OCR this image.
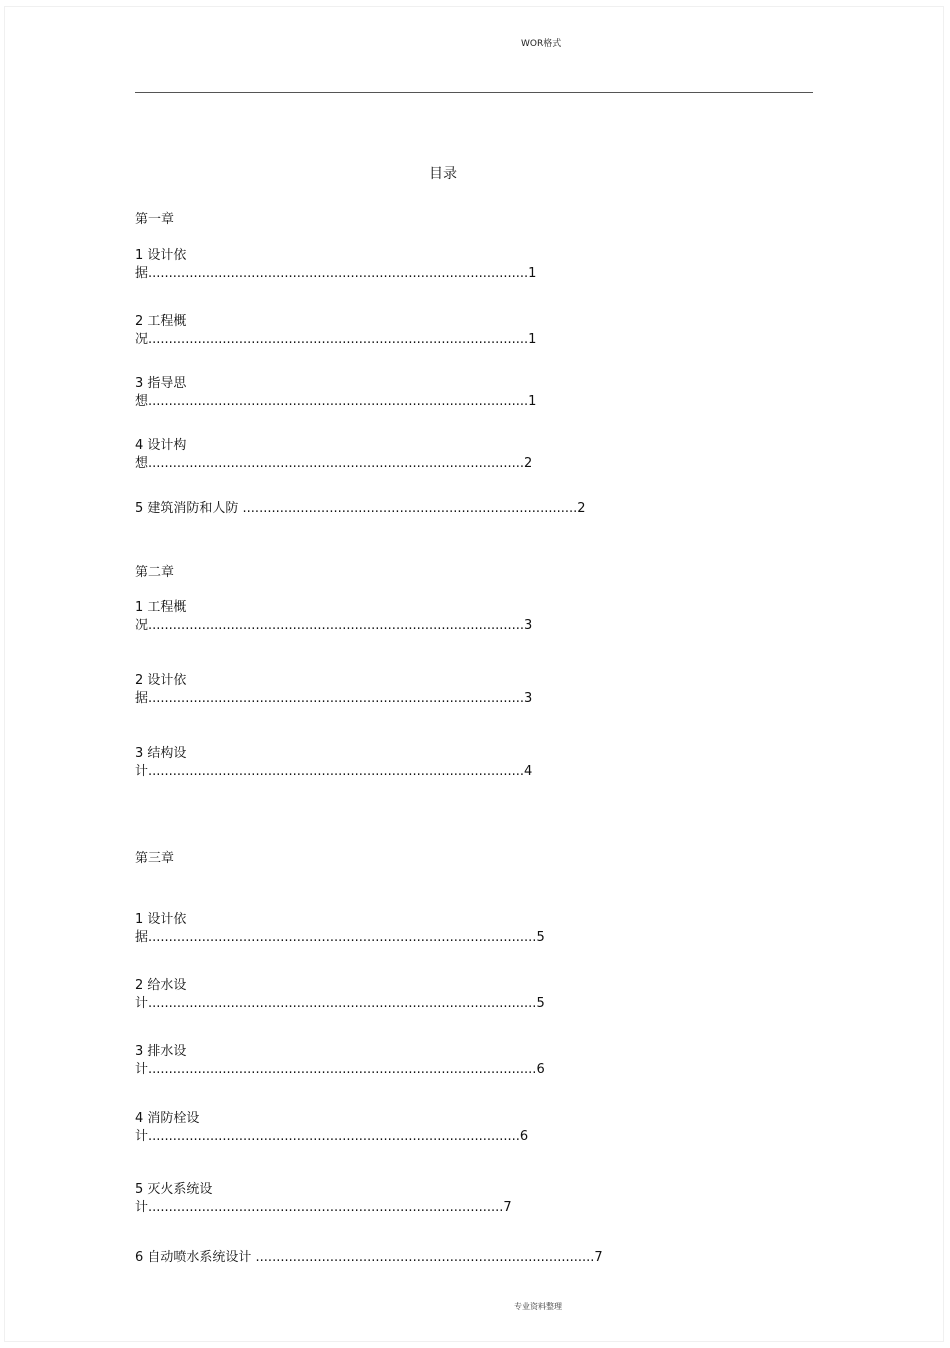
WOR格式
目录
第一章
1 设计依
据............................................................................................1
2 工程概
况............................................................................................1
3 指导思
想............................................................................................1
4 设计构
想...........................................................................................2
5 建筑消防和人防 .................................................................................2
第二章
1 工程概
况...........................................................................................3
2 设计依
据...........................................................................................3
3 结构设
计...........................................................................................4
第三章
1 设计依
据..............................................................................................5
2 给水设
计..............................................................................................5
3 排水设
计..............................................................................................6
4 消防栓设
计..........................................................................................6
5 灭火系统设
计......................................................................................7
6 自动喷水系统设计 ..................................................................................7
专业资料整理
